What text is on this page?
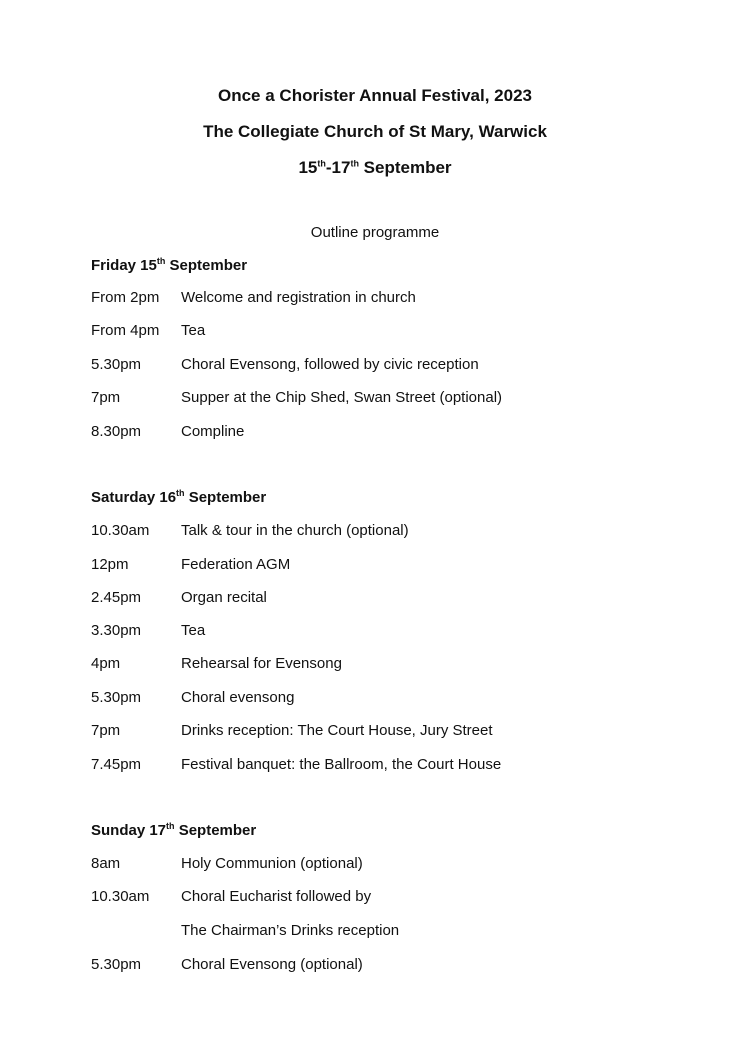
Once a Chorister Annual Festival, 2023
The Collegiate Church of St Mary, Warwick
15th-17th September
Outline programme
Friday 15th September
From 2pm Welcome and registration in church
From 4pm Tea
5.30pm	Choral Evensong, followed by civic reception
7pm	Supper at the Chip Shed, Swan Street (optional)
8.30pm	Compline
Saturday 16th September
10.30am Talk & tour in the church (optional)
12pm	Federation AGM
2.45pm	Organ recital
3.30pm	Tea
4pm	Rehearsal for Evensong
5.30pm	Choral evensong
7pm	Drinks reception: The Court House, Jury Street
7.45pm	Festival banquet: the Ballroom, the Court House
Sunday 17th September
8am	Holy Communion (optional)
10.30am Choral Eucharist followed by
The Chairman’s Drinks reception
5.30pm	Choral Evensong (optional)
